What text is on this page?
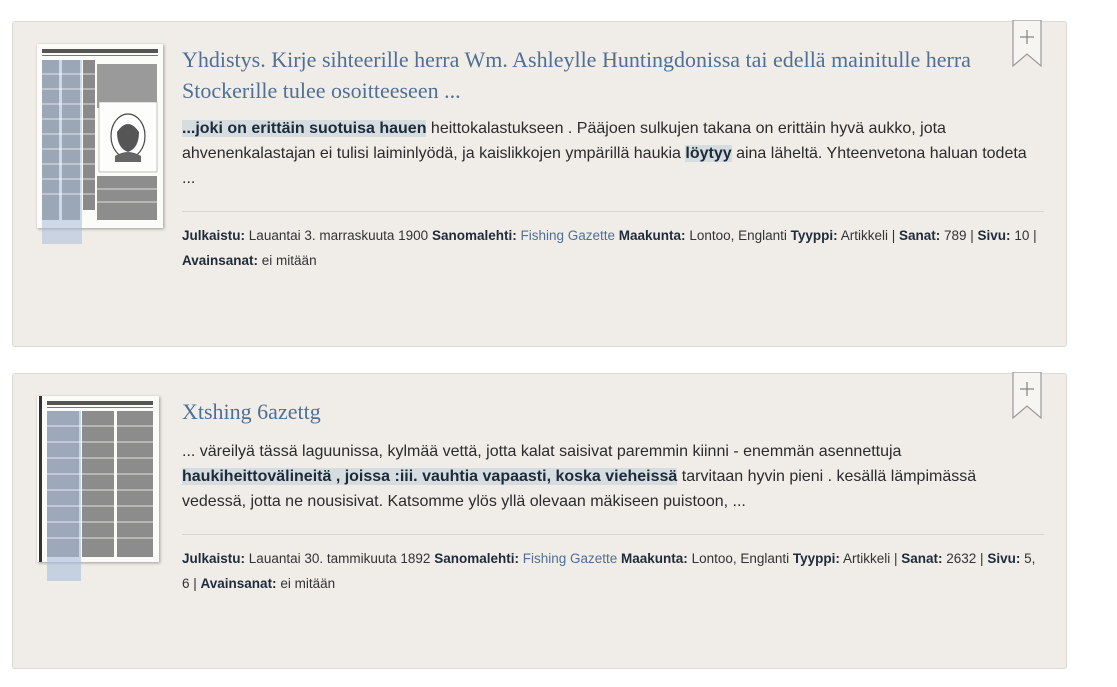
Yhdistys. Kirje sihteerille herra Wm. Ashleylle Huntingdonissa tai edellä mainitulle herra Stockerille tulee osoitteeseen ...

...joki on erittäin suotuisa hauen heittokalastukseen . Pääjoen sulkujen takana on erittäin hyvä aukko, jota ahvenenkalastajan ei tulisi laiminlyödä, ja kaislikkojen ympärillä haukia löytyy aina läheltä. Yhteenvetona haluan todeta ...

Julkaistu: Lauantai 3. marraskuuta 1900 Sanomalehti: Fishing Gazette Maakunta: Lontoo, Englanti Tyyppi: Artikkeli | Sanat: 789 | Sivu: 10 | Avainsanat: ei mitään

Xtshing 6azettg

... väreilyä tässä laguunissa, kylmää vettä, jotta kalat saisivat paremmin kiinni - enemmän asennettuja haukiheittovälineitä , joissa :iii. vauhtia vapaasti, koska vieheissä tarvitaan hyvin pieni . kesällä lämpimässä vedessä, jotta ne nousisivat. Katsomme ylös yllä olevaan mäkiseen puistoon, ...

Julkaistu: Lauantai 30. tammikuuta 1892 Sanomalehti: Fishing Gazette Maakunta: Lontoo, Englanti Tyyppi: Artikkeli | Sanat: 2632 | Sivu: 5, 6 | Avainsanat: ei mitään
